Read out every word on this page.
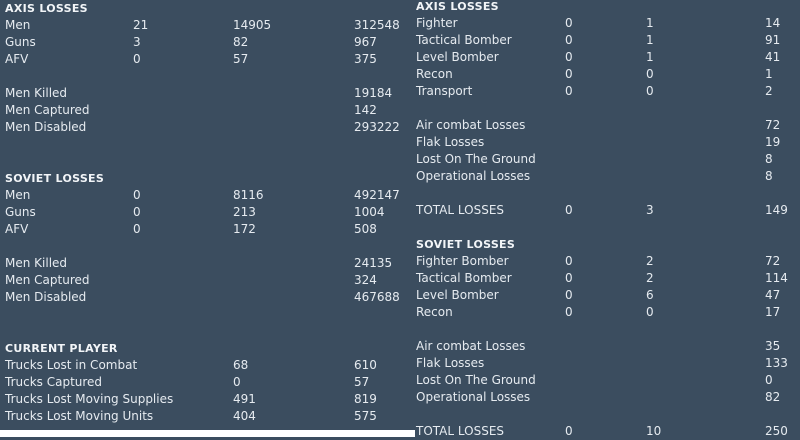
AXIS LOSSES
Men	21	14905	312548
Guns	3	82	967
AFV	0	57	375
Men Killed	19184
Men Captured	142
Men Disabled	293222
SOVIET LOSSES
Men	0	8116	492147
Guns	0	213	1004
AFV	0	172	508
Men Killed	24135
Men Captured	324
Men Disabled	467688
CURRENT PLAYER
Trucks Lost in Combat	68	610
Trucks Captured	0	57
Trucks Lost Moving Supplies	491	819
Trucks Lost Moving Units	404	575
AXIS LOSSES
Fighter	0	1	14
Tactical Bomber	0	1	91
Level Bomber	0	1	41
Recon	0	0	1
Transport	0	0	2
Air combat Losses	72
Flak Losses	19
Lost On The Ground	8
Operational Losses	8
TOTAL LOSSES	0	3	149
SOVIET LOSSES
Fighter Bomber	0	2	72
Tactical Bomber	0	2	114
Level Bomber	0	6	47
Recon	0	0	17
Air combat Losses	35
Flak Losses	133
Lost On The Ground	0
Operational Losses	82
TOTAL LOSSES	0	10	250
